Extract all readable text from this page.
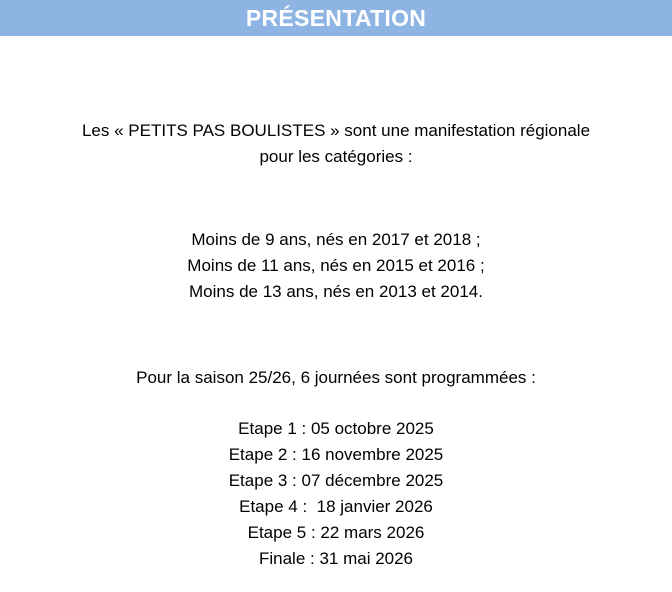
PRÉSENTATION
Les « PETITS PAS BOULISTES » sont une manifestation régionale
pour les catégories :
Moins de 9 ans, nés en 2017 et 2018 ;
Moins de 11 ans, nés en 2015 et 2016 ;
Moins de 13 ans, nés en 2013 et 2014.
Pour la saison 25/26, 6 journées sont programmées :
Etape 1 : 05 octobre 2025
Etape 2 : 16 novembre 2025
Etape 3 : 07 décembre 2025
Etape 4 :  18 janvier 2026
Etape 5 : 22 mars 2026
Finale : 31 mai 2026
